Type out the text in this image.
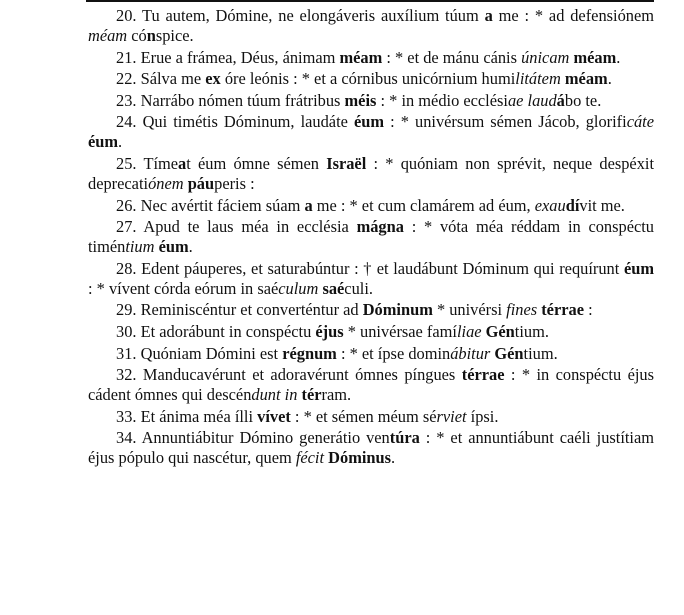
20. Tu autem, Dómine, ne elongáveris auxílium túum a me : * ad defensiónem méam cónspice.

21. Erue a frámea, Déus, ánimam méam : * et de mánu cánis únicam méam.

22. Sálva me ex óre leónis : * et a córnibus unicórnium humilitátem méam.

23. Narrábo nómen túum frátribus méis : * in médio ecclésiae laudábo te.

24. Qui timétis Dóminum, laudáte éum : * univérsum sémen Jácob, glorificáte éum.

25. Tímeat éum ómne sémen Israël : * quóniam non sprévit, neque despéxit deprecatiónem páuperis :

26. Nec avértit fáciem súam a me : * et cum clamárem ad éum, exaudívit me.

27. Apud te laus méa in ecclésia mágna : * vóta méa réddam in conspéctu timéntium éum.

28. Edent páuperes, et saturabúntur : † et laudábunt Dóminum qui requírunt éum : * vívent córda eórum in saéculum saéculi.

29. Reminiscéntur et converténtur ad Dóminum * univérsi fines térrae :

30. Et adorábunt in conspéctu éjus * univérsae famíliae Géntium.

31. Quóniam Dómini est régnum : * et ípse dominábitur Géntium.

32. Manducavérunt et adoravérunt ómnes píngues térrae : * in conspéctu éjus cádent ómnes qui descéndunt in térram.

33. Et ánima méa ílli vívet : * et sémen méum sérviet ípsi.

34. Annuntiábitur Dómino generátio ventúra : * et annuntiábunt caéli justítiam éjus pópulo qui nascétur, quem fécit Dóminus.
